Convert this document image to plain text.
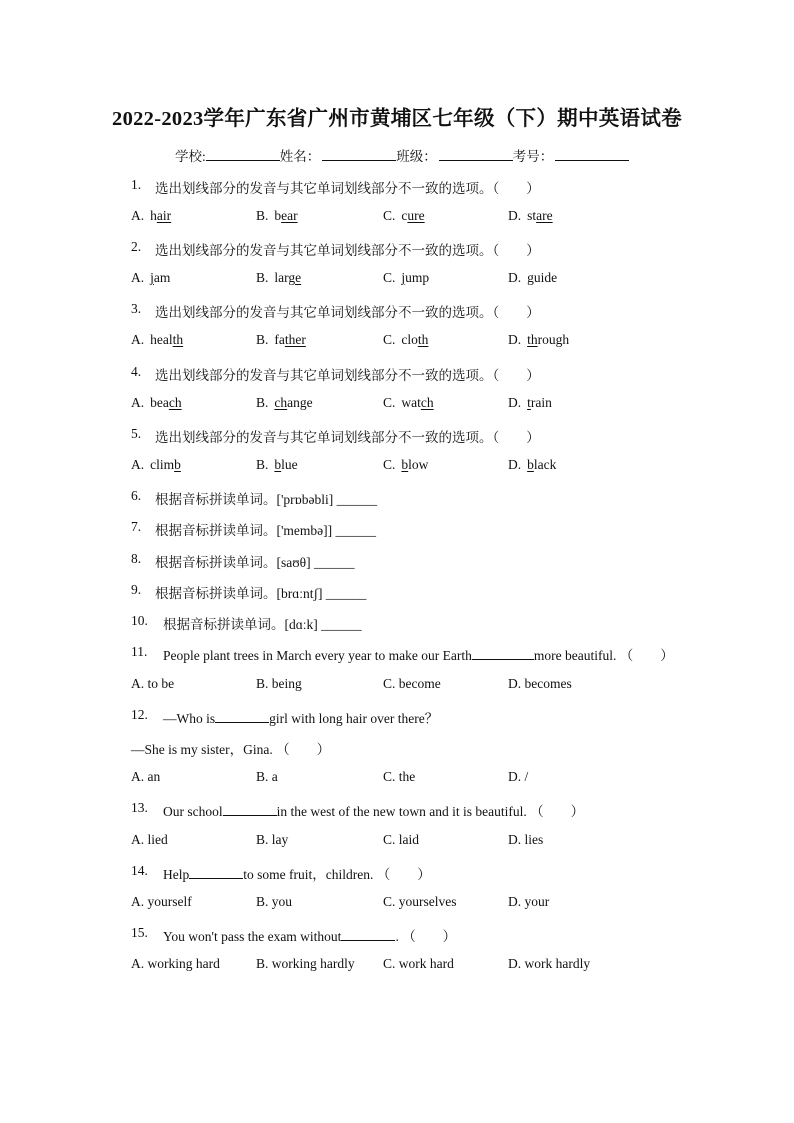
2022-2023学年广东省广州市黄埔区七年级（下）期中英语试卷
学校:	姓名：	班级：	考号：
1. 选出划线部分的发音与其它单词划线部分不一致的选项。（　　）
A. hair	B. bear	C. cure	D. stare
2. 选出划线部分的发音与其它单词划线部分不一致的选项。（　　）
A. jam	B. large	C. jump	D. guide
3. 选出划线部分的发音与其它单词划线部分不一致的选项。（　　）
A. health	B. father	C. cloth	D. through
4. 选出划线部分的发音与其它单词划线部分不一致的选项。（　　）
A. beach	B. change	C. watch	D. train
5. 选出划线部分的发音与其它单词划线部分不一致的选项。（　　）
A. climb	B. blue	C. blow	D. black
6. 根据音标拼读单词。['prɒbəbli] ______
7. 根据音标拼读单词。['membə]] ______
8. 根据音标拼读单词。[saʊθ] ______
9. 根据音标拼读单词。[brɑːntʃ] ______
10. 根据音标拼读单词。[dɑːk] ______
11. People plant trees in March every year to make our Earth	more beautiful. （　　）
A. to be	B. being	C. become	D. becomes
12. —Who is	girl with long hair over there？
—She is my sister，Gina. （　　）
A. an	B. a	C. the	D. /
13. Our school	in the west of the new town and it is beautiful. （　　）
A. lied	B. lay	C. laid	D. lies
14. Help	to some fruit，children. （　　）
A. yourself	B. you	C. yourselves	D. your
15. You won't pass the exam without	. （　　）
A. working hard	B. working hardly C. work hard	D. work hardly
